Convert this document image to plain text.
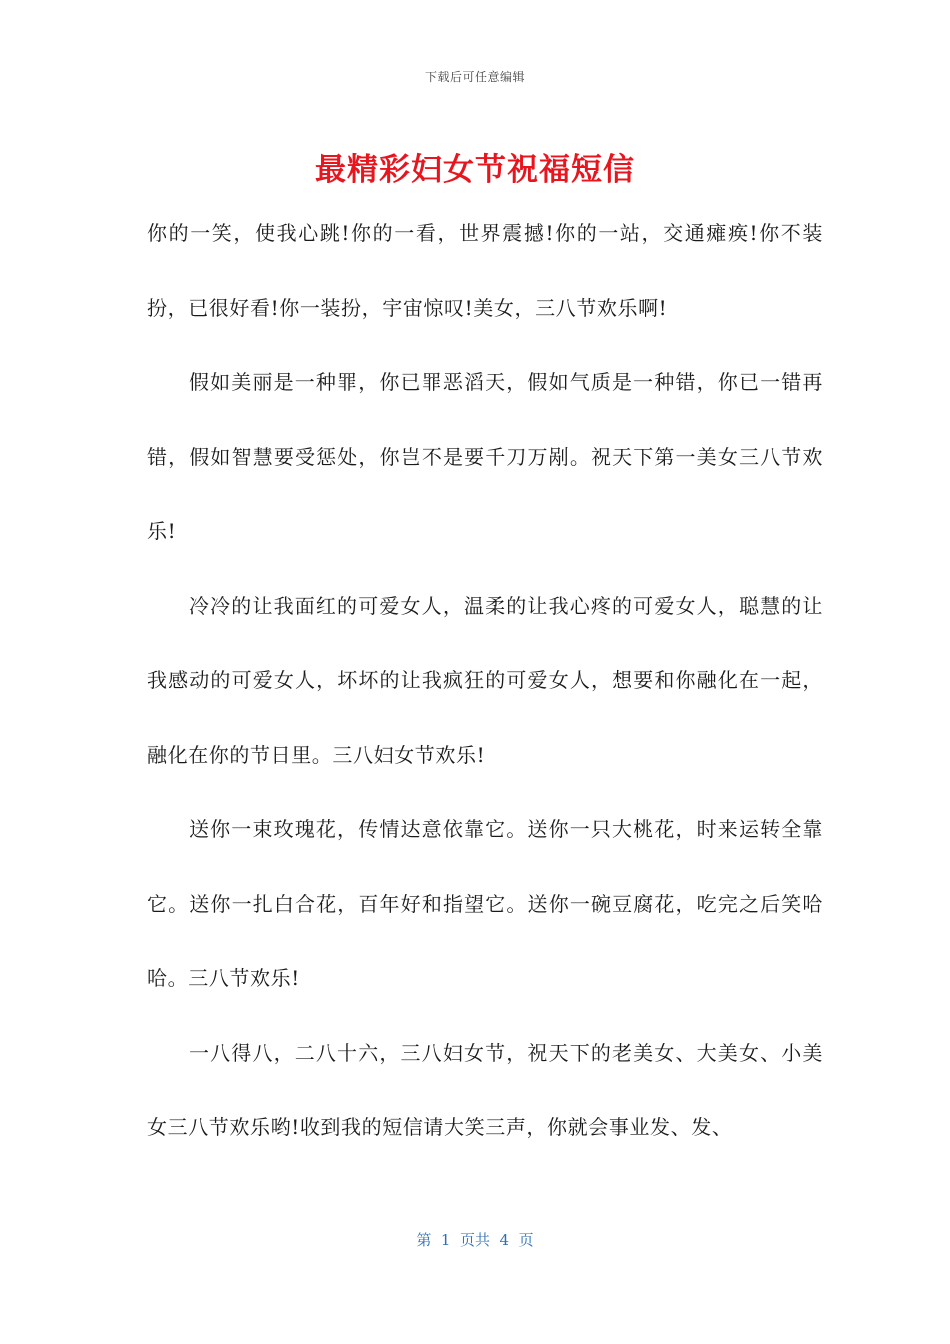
下载后可任意编辑
最精彩妇女节祝福短信

你的一笑，使我心跳!你的一看，世界震撼!你的一站，交通瘫痪!你不装扮，已很好看!你一装扮，宇宙惊叹!美女，三八节欢乐啊!

假如美丽是一种罪，你已罪恶滔天，假如气质是一种错，你已一错再错，假如智慧要受惩处，你岂不是要千刀万剐。祝天下第一美女三八节欢乐!

冷冷的让我面红的可爱女人，温柔的让我心疼的可爱女人，聪慧的让我感动的可爱女人，坏坏的让我疯狂的可爱女人，想要和你融化在一起，融化在你的节日里。三八妇女节欢乐!

送你一束玫瑰花，传情达意依靠它。送你一只大桃花，时来运转全靠它。送你一扎白合花，百年好和指望它。送你一碗豆腐花，吃完之后笑哈哈。三八节欢乐!

一八得八，二八十六，三八妇女节，祝天下的老美女、大美女、小美女三八节欢乐哟!收到我的短信请大笑三声，你就会事业发、发、

第  1  页共  4  页
